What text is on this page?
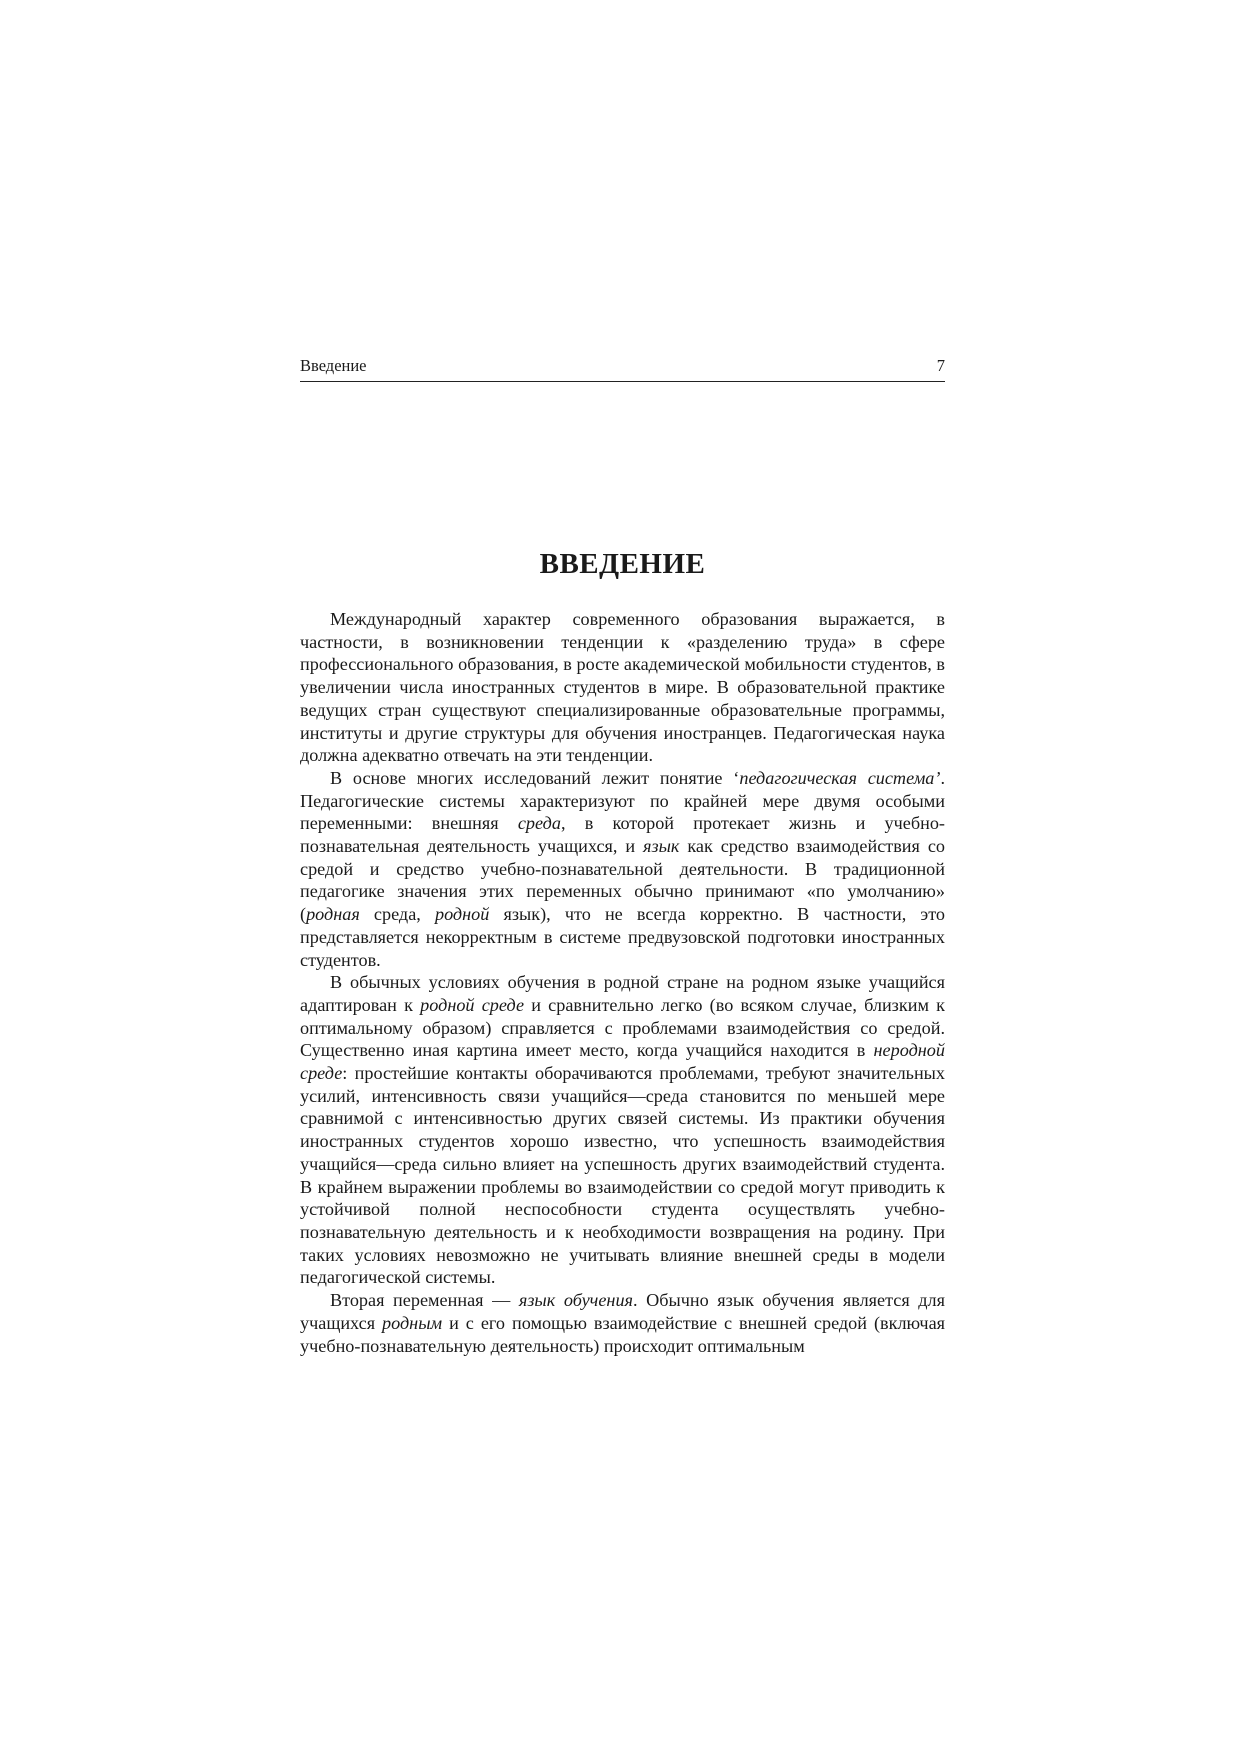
Введение	7
ВВЕДЕНИЕ

Международный характер современного образования выражается, в частности, в возникновении тенденции к «разделению труда» в сфере профессионального образования, в росте академической мобильности студентов, в увеличении числа иностранных студентов в мире. В образовательной практике ведущих стран существуют специализированные образовательные программы, институты и другие структуры для обучения иностранцев. Педагогическая наука должна адекватно отвечать на эти тенденции.

В основе многих исследований лежит понятие ‘педагогическая система’. Педагогические системы характеризуют по крайней мере двумя особыми переменными: внешняя среда, в которой протекает жизнь и учебно-познавательная деятельность учащихся, и язык как средство взаимодействия со средой и средство учебно-познавательной деятельности. В традиционной педагогике значения этих переменных обычно принимают «по умолчанию» (родная среда, родной язык), что не всегда корректно. В частности, это представляется некорректным в системе предвузовской подготовки иностранных студентов.

В обычных условиях обучения в родной стране на родном языке учащийся адаптирован к родной среде и сравнительно легко (во всяком случае, близким к оптимальному образом) справляется с проблемами взаимодействия со средой. Существенно иная картина имеет место, когда учащийся находится в неродной среде: простейшие контакты оборачиваются проблемами, требуют значительных усилий, интенсивность связи учащийся—среда становится по меньшей мере сравнимой с интенсивностью других связей системы. Из практики обучения иностранных студентов хорошо известно, что успешность взаимодействия учащийся—среда сильно влияет на успешность других взаимодействий студента. В крайнем выражении проблемы во взаимодействии со средой могут приводить к устойчивой полной неспособности студента осуществлять учебно-познавательную деятельность и к необходимости возвращения на родину. При таких условиях невозможно не учитывать влияние внешней среды в модели педагогической системы.

Вторая переменная — язык обучения. Обычно язык обучения является для учащихся родным и с его помощью взаимодействие с внешней средой (включая учебно-познавательную деятельность) происходит оптимальным
